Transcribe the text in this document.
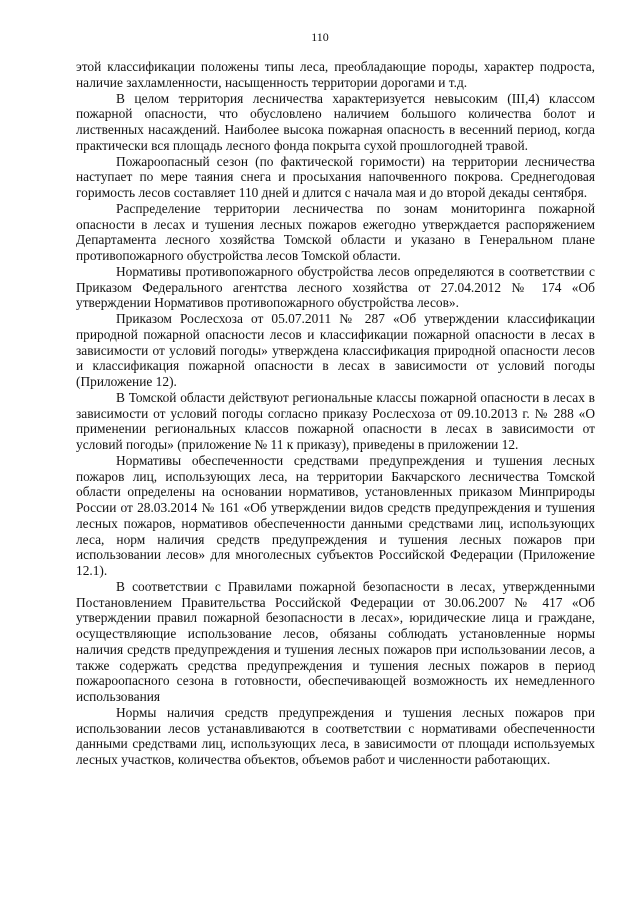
110

этой классификации положены типы леса, преобладающие породы, характер подроста, наличие захламленности, насыщенность территории дорогами и т.д.

В целом территория лесничества характеризуется невысоким (III,4) классом пожарной опасности, что обусловлено наличием большого количества болот и лиственных насаждений. Наиболее высока пожарная опасность в весенний период, когда практически вся площадь лесного фонда покрыта сухой прошлогодней травой.

Пожароопасный сезон (по фактической горимости) на территории лесничества наступает по мере таяния снега и просыхания напочвенного покрова. Среднегодовая горимость лесов составляет 110 дней и длится с начала мая и до второй декады сентября.

Распределение территории лесничества по зонам мониторинга пожарной опасности в лесах и тушения лесных пожаров ежегодно утверждается распоряжением Департамента лесного хозяйства Томской области и указано в Генеральном плане противопожарного обустройства лесов Томской области.

Нормативы противопожарного обустройства лесов определяются в соответствии с Приказом Федерального агентства лесного хозяйства от 27.04.2012 № 174 «Об утверждении Нормативов противопожарного обустройства лесов».

Приказом Рослесхоза от 05.07.2011 № 287 «Об утверждении классификации природной пожарной опасности лесов и классификации пожарной опасности в лесах в зависимости от условий погоды» утверждена классификация природной опасности лесов и классификация пожарной опасности в лесах в зависимости от условий погоды (Приложение 12).

В Томской области действуют региональные классы пожарной опасности в лесах в зависимости от условий погоды согласно приказу Рослесхоза от 09.10.2013 г. № 288 «О применении региональных классов пожарной опасности в лесах в зависимости от условий погоды» (приложение № 11 к приказу), приведены в приложении 12.

Нормативы обеспеченности средствами предупреждения и тушения лесных пожаров лиц, использующих леса, на территории Бакчарского лесничества Томской области определены на основании нормативов, установленных приказом Минприроды России от 28.03.2014 № 161 «Об утверждении видов средств предупреждения и тушения лесных пожаров, нормативов обеспеченности данными средствами лиц, использующих леса, норм наличия средств предупреждения и тушения лесных пожаров при использовании лесов» для многолесных субъектов Российской Федерации (Приложение 12.1).

В соответствии с Правилами пожарной безопасности в лесах, утвержденными Постановлением Правительства Российской Федерации от 30.06.2007 № 417 «Об утверждении правил пожарной безопасности в лесах», юридические лица и граждане, осуществляющие использование лесов, обязаны соблюдать установленные нормы наличия средств предупреждения и тушения лесных пожаров при использовании лесов, а также содержать средства предупреждения и тушения лесных пожаров в период пожароопасного сезона в готовности, обеспечивающей возможность их немедленного использования

Нормы наличия средств предупреждения и тушения лесных пожаров при использовании лесов устанавливаются в соответствии с нормативами обеспеченности данными средствами лиц, использующих леса, в зависимости от площади используемых лесных участков, количества объектов, объемов работ и численности работающих.
